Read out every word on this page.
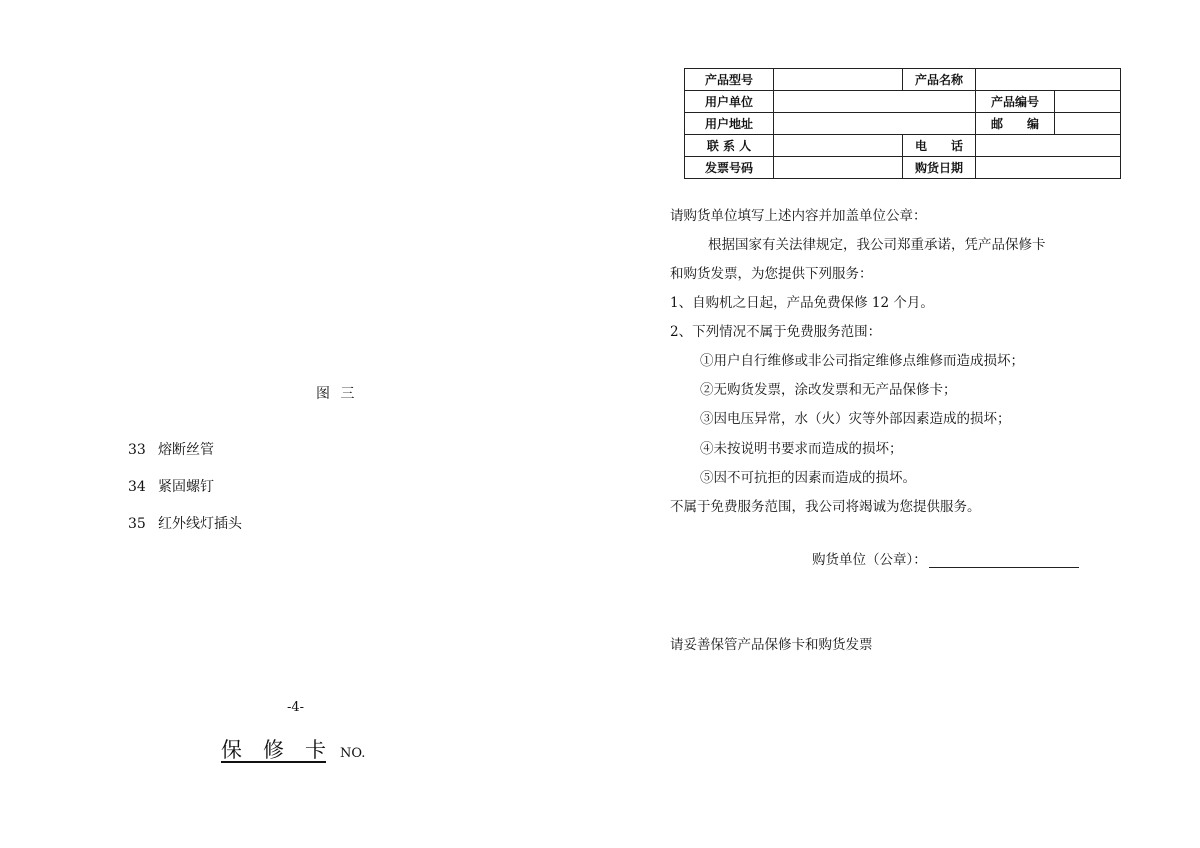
图 三
33 熔断丝管
34 紧固螺钉
35 红外线灯插头
-4-
保　修　卡 NO.
产品型号		产品名称		
用户单位			产品编号	
用户地址			邮　　编	
联 系 人		电　　话		
发票号码		购货日期		
请购货单位填写上述内容并加盖单位公章：
根据国家有关法律规定，我公司郑重承诺，凭产品保修卡
和购货发票，为您提供下列服务：
1、自购机之日起，产品免费保修 12 个月。
2、下列情况不属于免费服务范围：
①用户自行维修或非公司指定维修点维修而造成损坏；
②无购货发票，涂改发票和无产品保修卡；
③因电压异常，水（火）灾等外部因素造成的损坏；
④未按说明书要求而造成的损坏；
⑤因不可抗拒的因素而造成的损坏。
不属于免费服务范围，我公司将竭诚为您提供服务。
购货单位（公章）：
请妥善保管产品保修卡和购货发票
